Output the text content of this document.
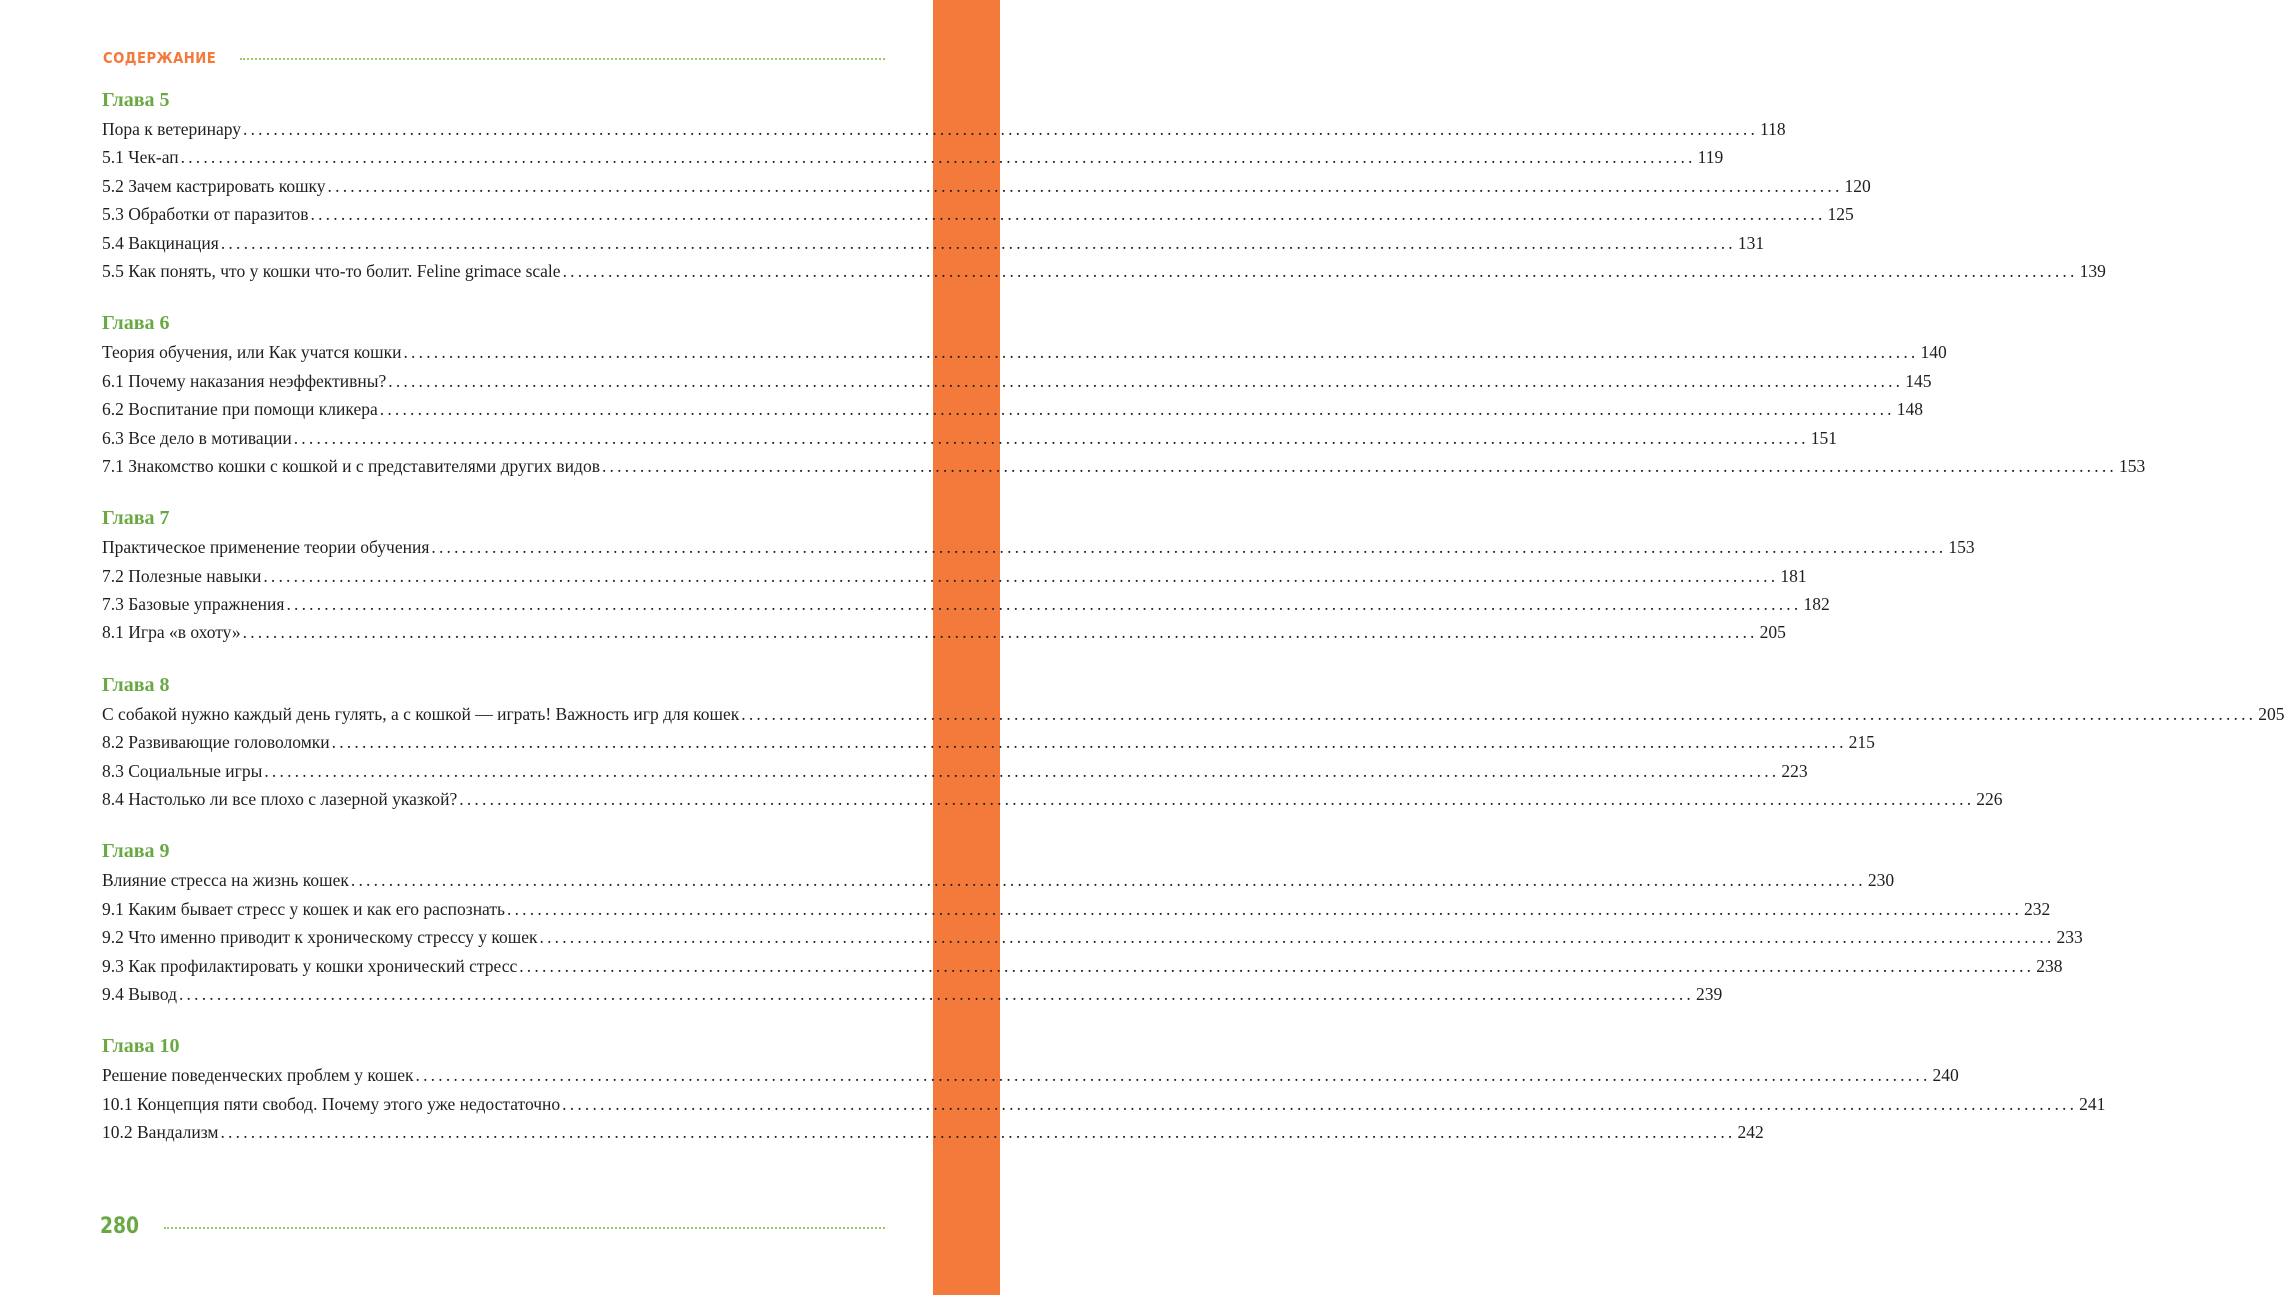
СОДЕРЖАНИЕ
Глава 5
Пора к ветеринару ........................................................................................................................................................................................................ 118
5.1 Чек-ап ........................................................................................................................................................................................................ 119
5.2 Зачем кастрировать кошку ........................................................................................................................................................................................................ 120
5.3 Обработки от паразитов ........................................................................................................................................................................................................ 125
5.4 Вакцинация ........................................................................................................................................................................................................ 131
5.5 Как понять, что у кошки что-то болит. Feline grimace scale ........................................................................................................................................................................................................ 139
Глава 6
Теория обучения, или Как учатся кошки ........................................................................................................................................................................................................ 140
6.1 Почему наказания неэффективны? ........................................................................................................................................................................................................ 145
6.2 Воспитание при помощи кликера ........................................................................................................................................................................................................ 148
6.3 Все дело в мотивации ........................................................................................................................................................................................................ 151
7.1 Знакомство кошки с кошкой и с представителями других видов ........................................................................................................................................................................................................ 153
Глава 7
Практическое применение теории обучения ........................................................................................................................................................................................................ 153
7.2 Полезные навыки ........................................................................................................................................................................................................ 181
7.3 Базовые упражнения ........................................................................................................................................................................................................ 182
8.1 Игра «в охоту» ........................................................................................................................................................................................................ 205
Глава 8
С собакой нужно каждый день гулять, а с кошкой — играть! Важность игр для кошек ........................................................................................................................................................................................................ 205
8.2 Развивающие головоломки ........................................................................................................................................................................................................ 215
8.3 Социальные игры ........................................................................................................................................................................................................ 223
8.4 Настолько ли все плохо с лазерной указкой? ........................................................................................................................................................................................................ 226
Глава 9
Влияние стресса на жизнь кошек ........................................................................................................................................................................................................ 230
9.1 Каким бывает стресс у кошек и как его распознать ........................................................................................................................................................................................................ 232
9.2 Что именно приводит к хроническому стрессу у кошек ........................................................................................................................................................................................................ 233
9.3 Как профилактировать у кошки хронический стресс ........................................................................................................................................................................................................ 238
9.4 Вывод ........................................................................................................................................................................................................ 239
Глава 10
Решение поведенческих проблем у кошек ........................................................................................................................................................................................................ 240
10.1 Концепция пяти свобод. Почему этого уже недостаточно ........................................................................................................................................................................................................ 241
10.2 Вандализм ........................................................................................................................................................................................................ 242
280
